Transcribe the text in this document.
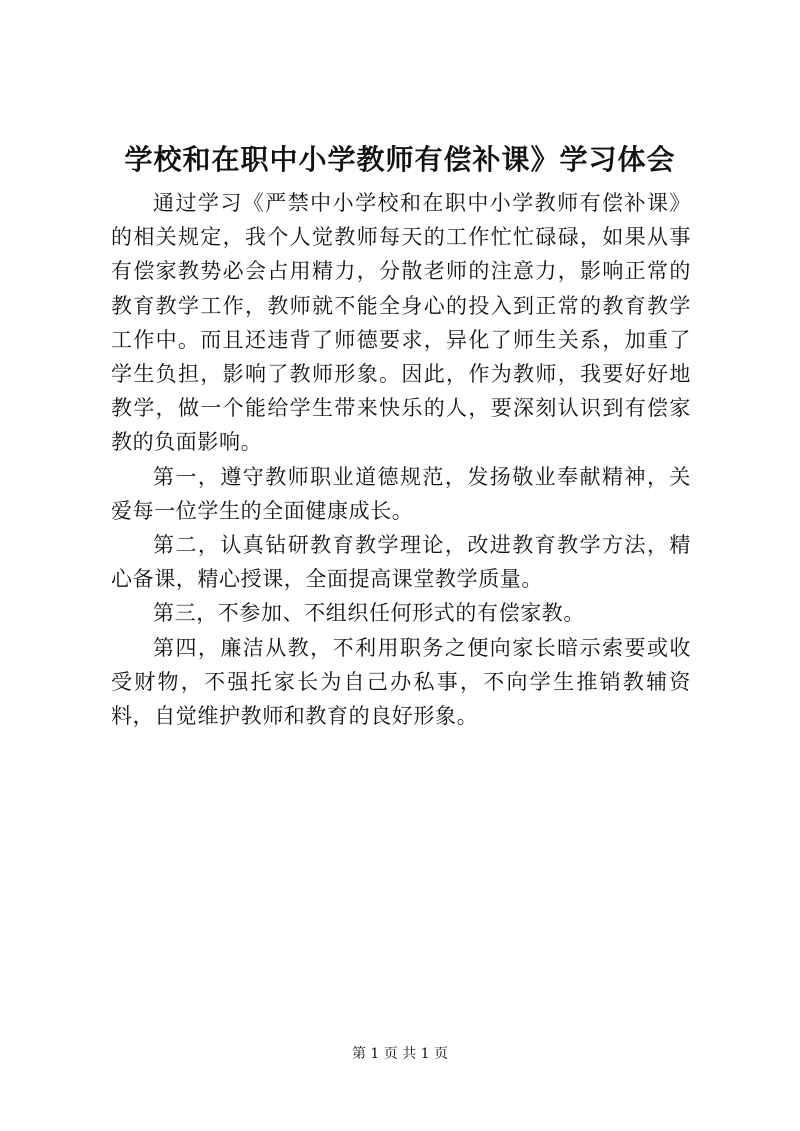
学校和在职中小学教师有偿补课》学习体会

通过学习《严禁中小学校和在职中小学教师有偿补课》的相关规定，我个人觉教师每天的工作忙忙碌碌，如果从事有偿家教势必会占用精力，分散老师的注意力，影响正常的教育教学工作，教师就不能全身心的投入到正常的教育教学工作中。而且还违背了师德要求，异化了师生关系，加重了学生负担，影响了教师形象。因此，作为教师，我要好好地教学，做一个能给学生带来快乐的人，要深刻认识到有偿家教的负面影响。

第一，遵守教师职业道德规范，发扬敬业奉献精神，关爱每一位学生的全面健康成长。

第二，认真钻研教育教学理论，改进教育教学方法，精心备课，精心授课，全面提高课堂教学质量。

第三，不参加、不组织任何形式的有偿家教。

第四，廉洁从教，不利用职务之便向家长暗示索要或收受财物，不强托家长为自己办私事，不向学生推销教辅资料，自觉维护教师和教育的良好形象。

第 1 页 共 1 页
